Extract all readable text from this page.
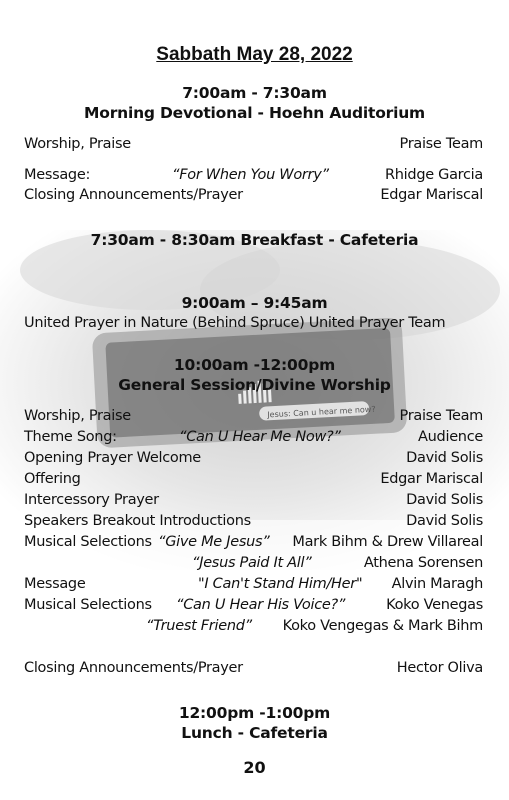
Jesus: Can u hear me now?
Sabbath May 28, 2022
7:00am - 7:30am
Morning Devotional - Hoehn Auditorium
Worship, Praise	Praise Team
Message:	“For When You Worry”	Rhidge Garcia
Closing Announcements/Prayer	Edgar Mariscal
7:30am - 8:30am Breakfast - Cafeteria
9:00am – 9:45am
United Prayer in Nature (Behind Spruce) United Prayer Team
10:00am -12:00pm
General Session/Divine Worship
Worship, Praise	Praise Team
Theme Song:	“Can U Hear Me Now?”	Audience
Opening Prayer Welcome	David Solis
Offering	Edgar Mariscal
Intercessory Prayer	David Solis
Speakers Breakout Introductions	David Solis
Musical Selections “Give Me Jesus” Mark Bihm & Drew Villareal
“Jesus Paid It All”	Athena Sorensen
Message	"I Can't Stand Him/Her" Alvin Maragh
Musical Selections “Can U Hear His Voice?”	Koko Venegas
“Truest Friend” Koko Vengegas & Mark Bihm
Closing Announcements/Prayer	Hector Oliva
12:00pm -1:00pm
Lunch - Cafeteria
20
